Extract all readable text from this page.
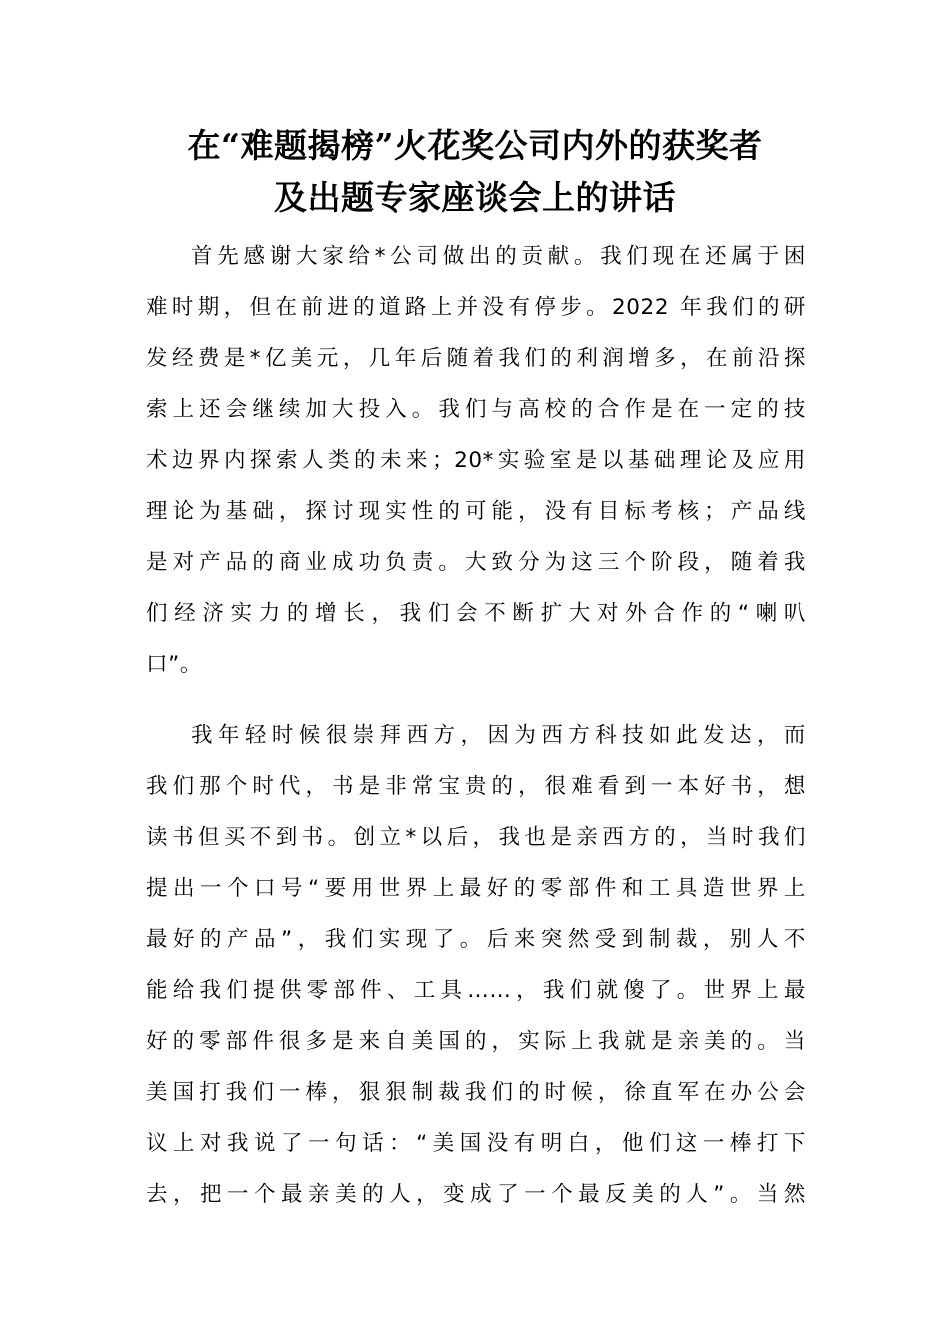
在“难题揭榜”火花奖公司内外的获奖者
及出题专家座谈会上的讲话
首先感谢大家给*公司做出的贡献。我们现在还属于困
难时期，但在前进的道路上并没有停步。2022 年我们的研
发经费是*亿美元，几年后随着我们的利润增多，在前沿探
索上还会继续加大投入。我们与高校的合作是在一定的技
术边界内探索人类的未来；20*实验室是以基础理论及应用
理论为基础，探讨现实性的可能，没有目标考核；产品线
是对产品的商业成功负责。大致分为这三个阶段，随着我
们经济实力的增长，我们会不断扩大对外合作的“喇叭
口”。
我年轻时候很崇拜西方，因为西方科技如此发达，而
我们那个时代，书是非常宝贵的，很难看到一本好书，想
读书但买不到书。创立*以后，我也是亲西方的，当时我们
提出一个口号“要用世界上最好的零部件和工具造世界上
最好的产品”，我们实现了。后来突然受到制裁，别人不
能给我们提供零部件、工具……，我们就傻了。世界上最
好的零部件很多是来自美国的，实际上我就是亲美的。当
美国打我们一棒，狠狠制裁我们的时候，徐直军在办公会
议上对我说了一句话：“美国没有明白，他们这一棒打下
去，把一个最亲美的人，变成了一个最反美的人”。当然
